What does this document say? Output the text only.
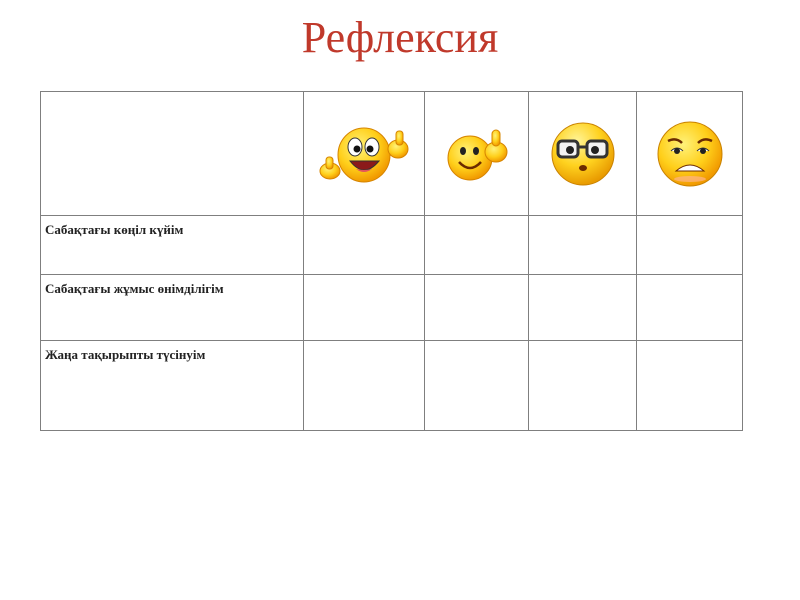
Рефлексия

Сабақтағы көңіл күйім				
Сабақтағы жұмыс өнімділігім				
Жаңа тақырыпты түсінуім				
